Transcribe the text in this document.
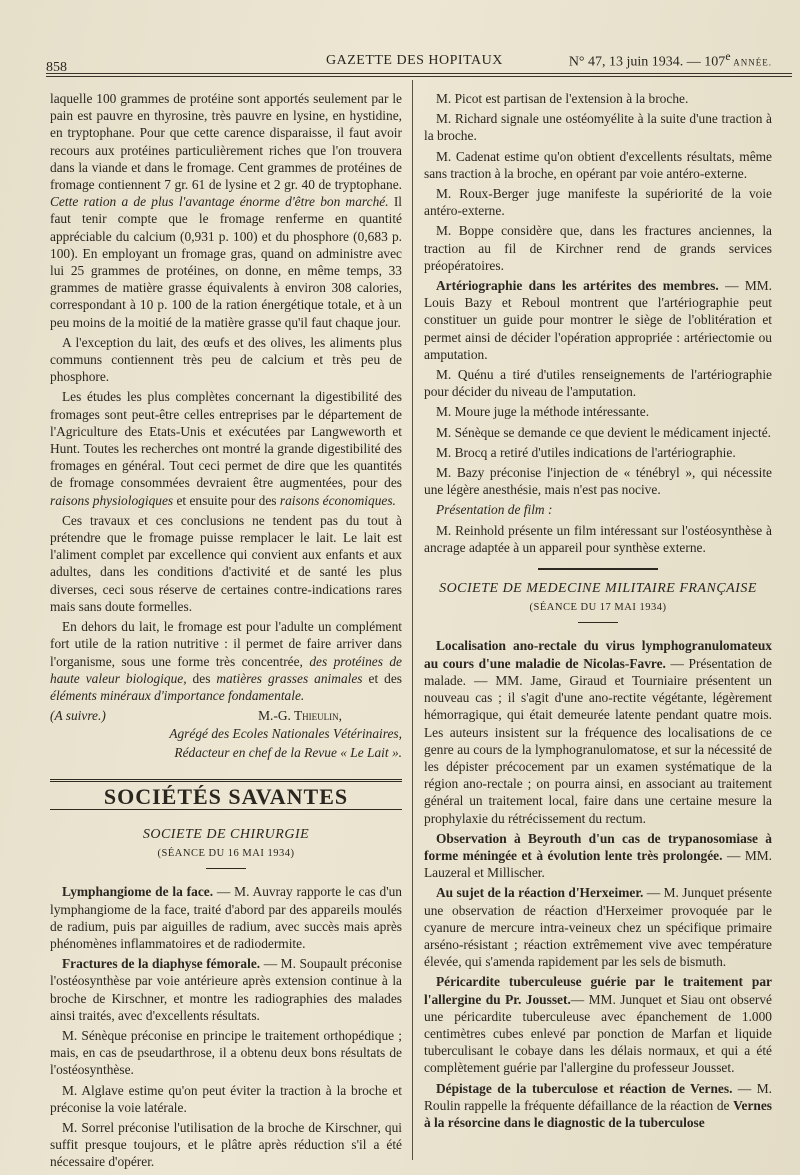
858	GAZETTE DES HOPITAUX	N° 47, 13 juin 1934. — 107e ANNÉE.

laquelle 100 grammes de protéine sont apportés seulement par le pain est pauvre en thyrosine, très pauvre en lysine, en hystidine, en tryptophane. Pour que cette carence disparaisse, il faut avoir recours aux protéines particulièrement riches que l'on trouvera dans la viande et dans le fromage. Cent grammes de protéines de fromage contiennent 7 gr. 61 de lysine et 2 gr. 40 de tryptophane. Cette ration a de plus l'avantage énorme d'être bon marché. Il faut tenir compte que le fromage renferme en quantité appréciable du calcium (0,931 p. 100) et du phosphore (0,683 p. 100). En employant un fromage gras, quand on administre avec lui 25 grammes de protéines, on donne, en même temps, 33 grammes de matière grasse équivalents à environ 308 calories, correspondant à 10 p. 100 de la ration énergétique totale, et à un peu moins de la moitié de la matière grasse qu'il faut chaque jour.

A l'exception du lait, des œufs et des olives, les aliments plus communs contiennent très peu de calcium et très peu de phosphore.

Les études les plus complètes concernant la digestibilité des fromages sont peut-être celles entreprises par le département de l'Agriculture des Etats-Unis et exécutées par Langweworth et Hunt. Toutes les recherches ont montré la grande digestibilité des fromages en général. Tout ceci permet de dire que les quantités de fromage consommées devraient être augmentées, pour des raisons physiologiques et ensuite pour des raisons économiques.

Ces travaux et ces conclusions ne tendent pas du tout à prétendre que le fromage puisse remplacer le lait. Le lait est l'aliment complet par excellence qui convient aux enfants et aux adultes, dans les conditions d'activité et de santé les plus diverses, ceci sous réserve de certaines contre-indications rares mais sans doute formelles.

En dehors du lait, le fromage est pour l'adulte un complément fort utile de la ration nutritive : il permet de faire arriver dans l'organisme, sous une forme très concentrée, des protéines de haute valeur biologique, des matières grasses animales et des éléments minéraux d'importance fondamentale.

(A suivre.)	M.-G. Thieulin,
Agrégé des Ecoles Nationales Vétérinaires,
Rédacteur en chef de la Revue « Le Lait ».
SOCIÉTÉS SAVANTES
SOCIETE DE CHIRURGIE
(SÉANCE DU 16 MAI 1934)

Lymphangiome de la face. — M. Auvray rapporte le cas d'un lymphangiome de la face, traité d'abord par des appareils moulés de radium, puis par aiguilles de radium, avec succès mais après phénomènes inflammatoires et de radiodermite.

Fractures de la diaphyse fémorale. — M. Soupault préconise l'ostéosynthèse par voie antérieure après extension continue à la broche de Kirschner, et montre les radiographies des malades ainsi traités, avec d'excellents résultats.

M. Sénèque préconise en principe le traitement orthopédique ; mais, en cas de pseudarthrose, il a obtenu deux bons résultats de l'ostéosynthèse.

M. Alglave estime qu'on peut éviter la traction à la broche et préconise la voie latérale.

M. Sorrel préconise l'utilisation de la broche de Kirschner, qui suffit presque toujours, et le plâtre après réduction s'il a été nécessaire d'opérer.

M. Picot est partisan de l'extension à la broche.

M. Richard signale une ostéomyélite à la suite d'une traction à la broche.

M. Cadenat estime qu'on obtient d'excellents résultats, même sans traction à la broche, en opérant par voie antéro-externe.

M. Roux-Berger juge manifeste la supériorité de la voie antéro-externe.

M. Boppe considère que, dans les fractures anciennes, la traction au fil de Kirchner rend de grands services préopératoires.

Artériographie dans les artérites des membres. — MM. Louis Bazy et Reboul montrent que l'artériographie peut constituer un guide pour montrer le siège de l'oblitération et permet ainsi de décider l'opération appropriée : artériectomie ou amputation.

M. Quénu a tiré d'utiles renseignements de l'artériographie pour décider du niveau de l'amputation.

M. Moure juge la méthode intéressante.

M. Sénèque se demande ce que devient le médicament injecté.

M. Brocq a retiré d'utiles indications de l'artériographie.

M. Bazy préconise l'injection de « ténébryl », qui nécessite une légère anesthésie, mais n'est pas nocive.

Présentation de film :

M. Reinhold présente un film intéressant sur l'ostéosynthèse à ancrage adaptée à un appareil pour synthèse externe.

SOCIETE DE MEDECINE MILITAIRE FRANÇAISE
(SÉANCE DU 17 MAI 1934)

Localisation ano-rectale du virus lymphogranulomateux au cours d'une maladie de Nicolas-Favre. — Présentation de malade. — MM. Jame, Giraud et Tourniaire présentent un nouveau cas ; il s'agit d'une ano-rectite végétante, légèrement hémorragique, qui était demeurée latente pendant quatre mois. Les auteurs insistent sur la fréquence des localisations de ce genre au cours de la lymphogranulomatose, et sur la nécessité de les dépister précocement par un examen systématique de la région ano-rectale ; on pourra ainsi, en associant au traitement général un traitement local, faire dans une certaine mesure la prophylaxie du rétrécissement du rectum.

Observation à Beyrouth d'un cas de trypanosomiase à forme méningée et à évolution lente très prolongée. — MM. Lauzeral et Millischer.

Au sujet de la réaction d'Herxeimer. — M. Junquet présente une observation de réaction d'Herxeimer provoquée par le cyanure de mercure intra-veineux chez un spécifique primaire arséno-résistant ; réaction extrêmement vive avec température élevée, qui s'amenda rapidement par les sels de bismuth.

Péricardite tuberculeuse guérie par le traitement par l'allergine du Pr. Jousset.— MM. Junquet et Siau ont observé une péricardite tuberculeuse avec épanchement de 1.000 centimètres cubes enlevé par ponction de Marfan et liquide tuberculisant le cobaye dans les délais normaux, et qui a été complètement guérie par l'allergine du professeur Jousset.

Dépistage de la tuberculose et réaction de Vernes. — M. Roulin rappelle la fréquente défaillance de la réaction de Vernes à la résorcine dans le diagnostic de la tuberculose
